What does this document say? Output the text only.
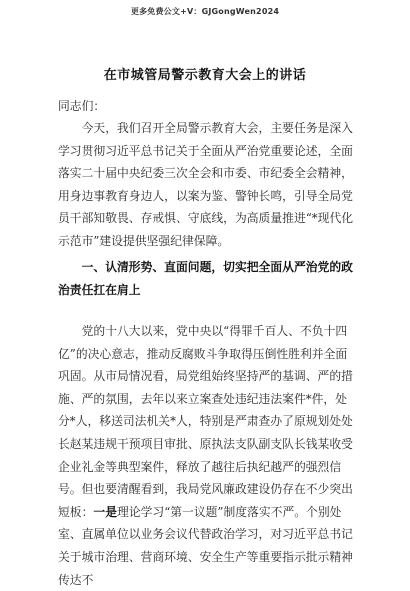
更多免费公文+V：GJGongWen2024
在市城管局警示教育大会上的讲话
同志们：
今天，我们召开全局警示教育大会，主要任务是深入学习贯彻习近平总书记关于全面从严治党重要论述，全面落实二十届中央纪委三次全会和市委、市纪委全会精神，用身边事教育身边人，以案为鉴、警钟长鸣，引导全局党员干部知敬畏、存戒惧、守底线，为高质量推进“*现代化示范市”建设提供坚强纪律保障。
一、认清形势、直面问题，切实把全面从严治党的政治责任扛在肩上
党的十八大以来，党中央以“得罪千百人、不负十四亿”的决心意志，推动反腐败斗争取得压倒性胜利并全面巩固。从市局情况看，局党组始终坚持严的基调、严的措施、严的氛围，去年以来立案查处违纪违法案件*件，处分*人，移送司法机关*人，特别是严肃查办了原规划处处长赵某违规干预项目审批、原执法支队副支队长钱某收受企业礼金等典型案件，释放了越往后执纪越严的强烈信号。但也要清醒看到，我局党风廉政建设仍存在不少突出短板：一是理论学习“第一议题”制度落实不严。个别处室、直属单位以业务会议代替政治学习，对习近平总书记关于城市治理、营商环境、安全生产等重要指示批示精神传达不
